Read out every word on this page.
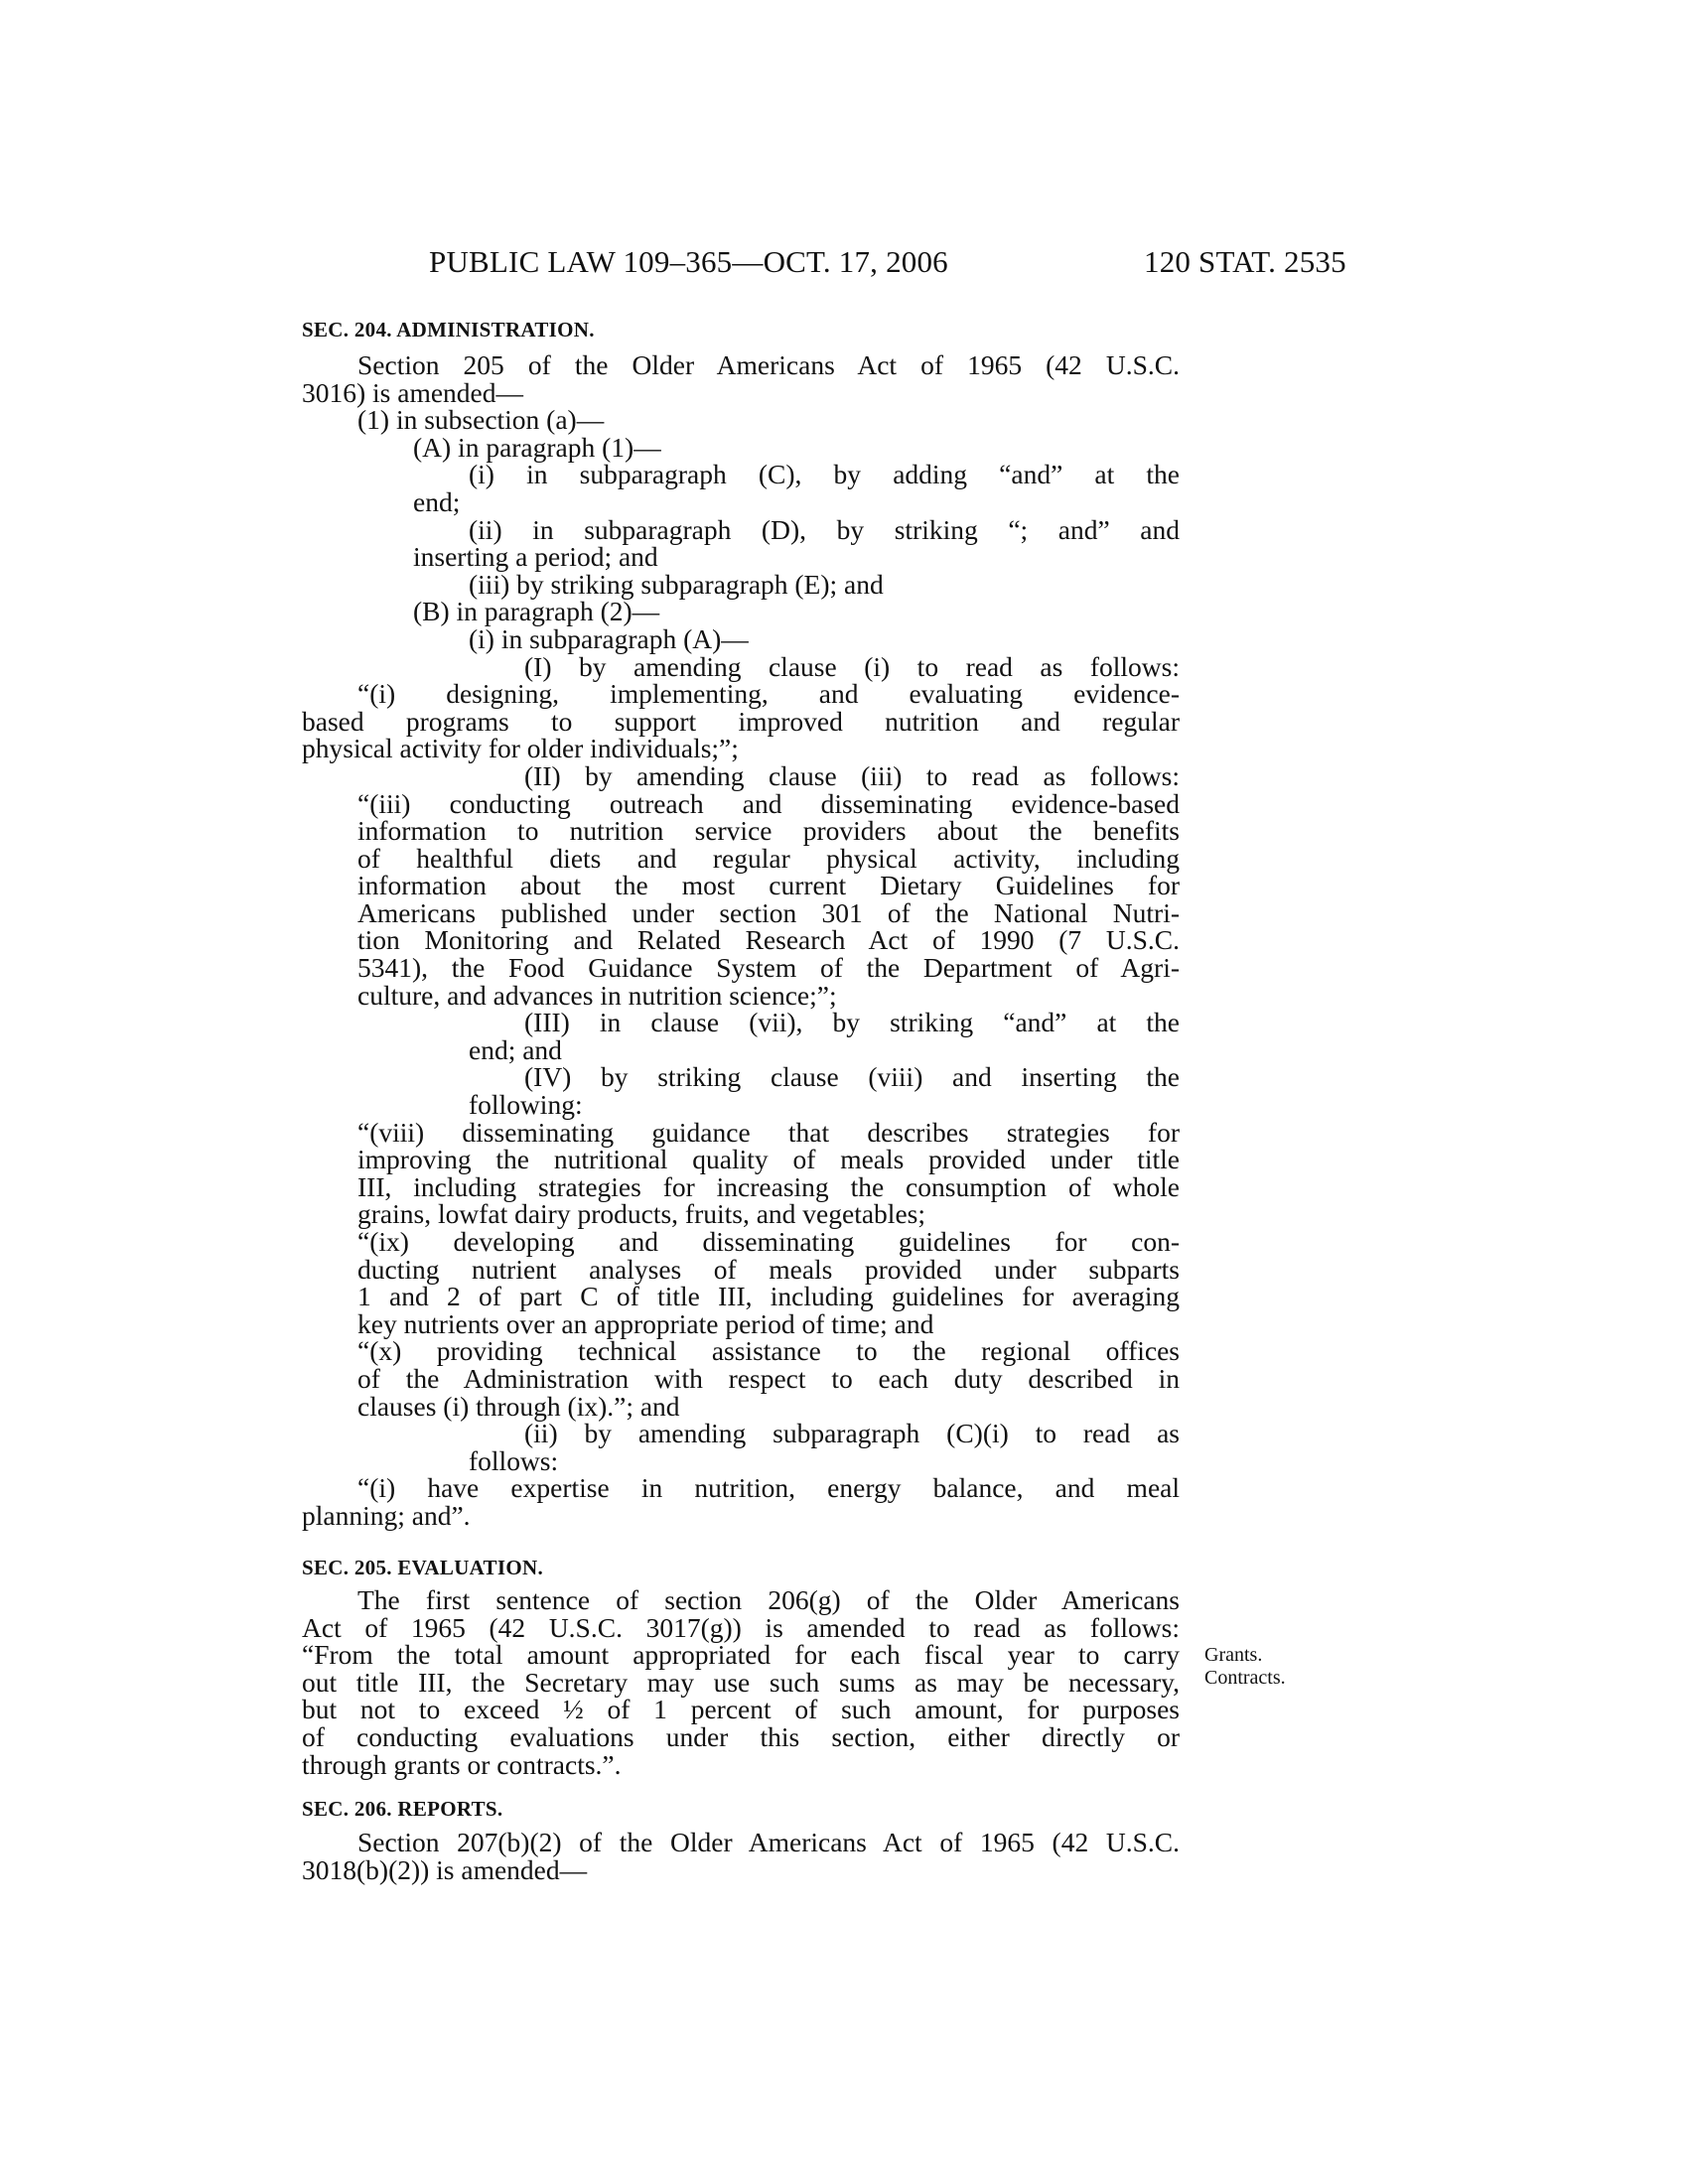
PUBLIC LAW 109–365—OCT. 17, 2006	120 STAT. 2535
SEC. 204. ADMINISTRATION.
Section 205 of the Older Americans Act of 1965 (42 U.S.C.
3016) is amended—
(1) in subsection (a)—
(A) in paragraph (1)—
(i) in subparagraph (C), by adding “and” at the
end;
(ii) in subparagraph (D), by striking “; and” and
inserting a period; and
(iii) by striking subparagraph (E); and
(B) in paragraph (2)—
(i) in subparagraph (A)—
(I) by amending clause (i) to read as follows:
“(i) designing, implementing, and evaluating evidence-
based programs to support improved nutrition and regular
physical activity for older individuals;”;
(II) by amending clause (iii) to read as follows:
“(iii) conducting outreach and disseminating evidence-based
information to nutrition service providers about the benefits
of healthful diets and regular physical activity, including
information about the most current Dietary Guidelines for
Americans published under section 301 of the National Nutri-
tion Monitoring and Related Research Act of 1990 (7 U.S.C.
5341), the Food Guidance System of the Department of Agri-
culture, and advances in nutrition science;”;
(III) in clause (vii), by striking “and” at the
end; and
(IV) by striking clause (viii) and inserting the
following:
“(viii) disseminating guidance that describes strategies for
improving the nutritional quality of meals provided under title
III, including strategies for increasing the consumption of whole
grains, lowfat dairy products, fruits, and vegetables;
“(ix) developing and disseminating guidelines for con-
ducting nutrient analyses of meals provided under subparts
1 and 2 of part C of title III, including guidelines for averaging
key nutrients over an appropriate period of time; and
“(x) providing technical assistance to the regional offices
of the Administration with respect to each duty described in
clauses (i) through (ix).”; and
(ii) by amending subparagraph (C)(i) to read as
follows:
“(i) have expertise in nutrition, energy balance, and meal
planning; and”.
SEC. 205. EVALUATION.
The first sentence of section 206(g) of the Older Americans
Act of 1965 (42 U.S.C. 3017(g)) is amended to read as follows:
“From the total amount appropriated for each fiscal year to carry
out title III, the Secretary may use such sums as may be necessary,
but not to exceed ½ of 1 percent of such amount, for purposes
of conducting evaluations under this section, either directly or
through grants or contracts.”.
Grants.
Contracts.
SEC. 206. REPORTS.
Section 207(b)(2) of the Older Americans Act of 1965 (42 U.S.C.
3018(b)(2)) is amended—
